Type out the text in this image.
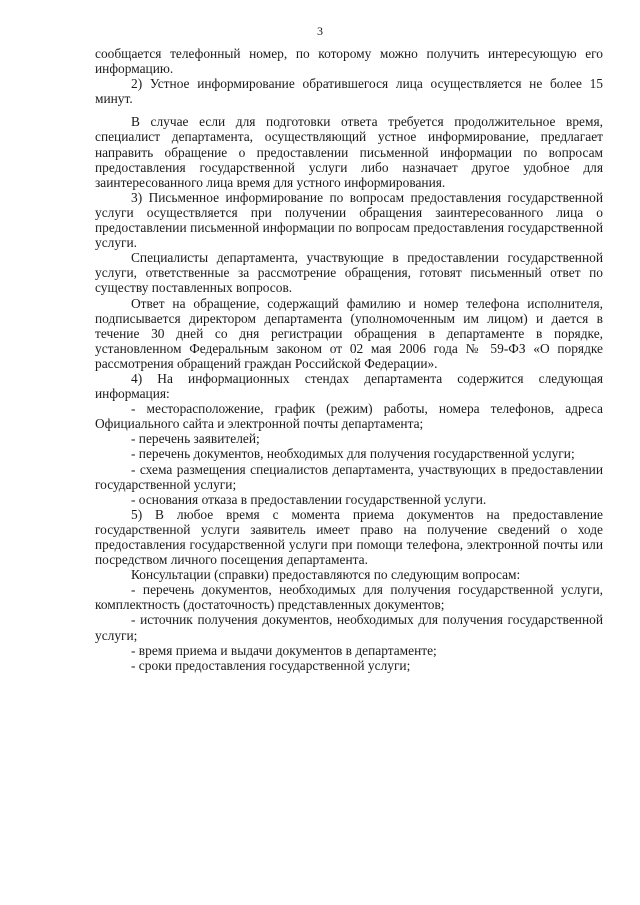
3

сообщается телефонный номер, по которому можно получить интересующую его информацию.

2) Устное информирование обратившегося лица осуществляется не более 15 минут.

В случае если для подготовки ответа требуется продолжительное время, специалист департамента, осуществляющий устное информирование, предлагает направить обращение о предоставлении письменной информации по вопросам предоставления государственной услуги либо назначает другое удобное для заинтересованного лица время для устного информирования.

3) Письменное информирование по вопросам предоставления государственной услуги осуществляется при получении обращения заинтересованного лица о предоставлении письменной информации по вопросам предоставления государственной услуги.

Специалисты департамента, участвующие в предоставлении государственной услуги, ответственные за рассмотрение обращения, готовят письменный ответ по существу поставленных вопросов.

Ответ на обращение, содержащий фамилию и номер телефона исполнителя, подписывается директором департамента (уполномоченным им лицом) и дается в течение 30 дней со дня регистрации обращения в департаменте в порядке, установленном Федеральным законом от 02 мая 2006 года № 59-ФЗ «О порядке рассмотрения обращений граждан Российской Федерации».

4) На информационных стендах департамента содержится следующая информация:

- месторасположение, график (режим) работы, номера телефонов, адреса Официального сайта и электронной почты департамента;

- перечень заявителей;

- перечень документов, необходимых для получения государственной услуги;

- схема размещения специалистов департамента, участвующих в предоставлении государственной услуги;

- основания отказа в предоставлении государственной услуги.

5) В любое время с момента приема документов на предоставление государственной услуги заявитель имеет право на получение сведений о ходе предоставления государственной услуги при помощи телефона, электронной почты или посредством личного посещения департамента.

Консультации (справки) предоставляются по следующим вопросам:

- перечень документов, необходимых для получения государственной услуги, комплектность (достаточность) представленных документов;

- источник получения документов, необходимых для получения государственной услуги;

- время приема и выдачи документов в департаменте;

- сроки предоставления государственной услуги;
